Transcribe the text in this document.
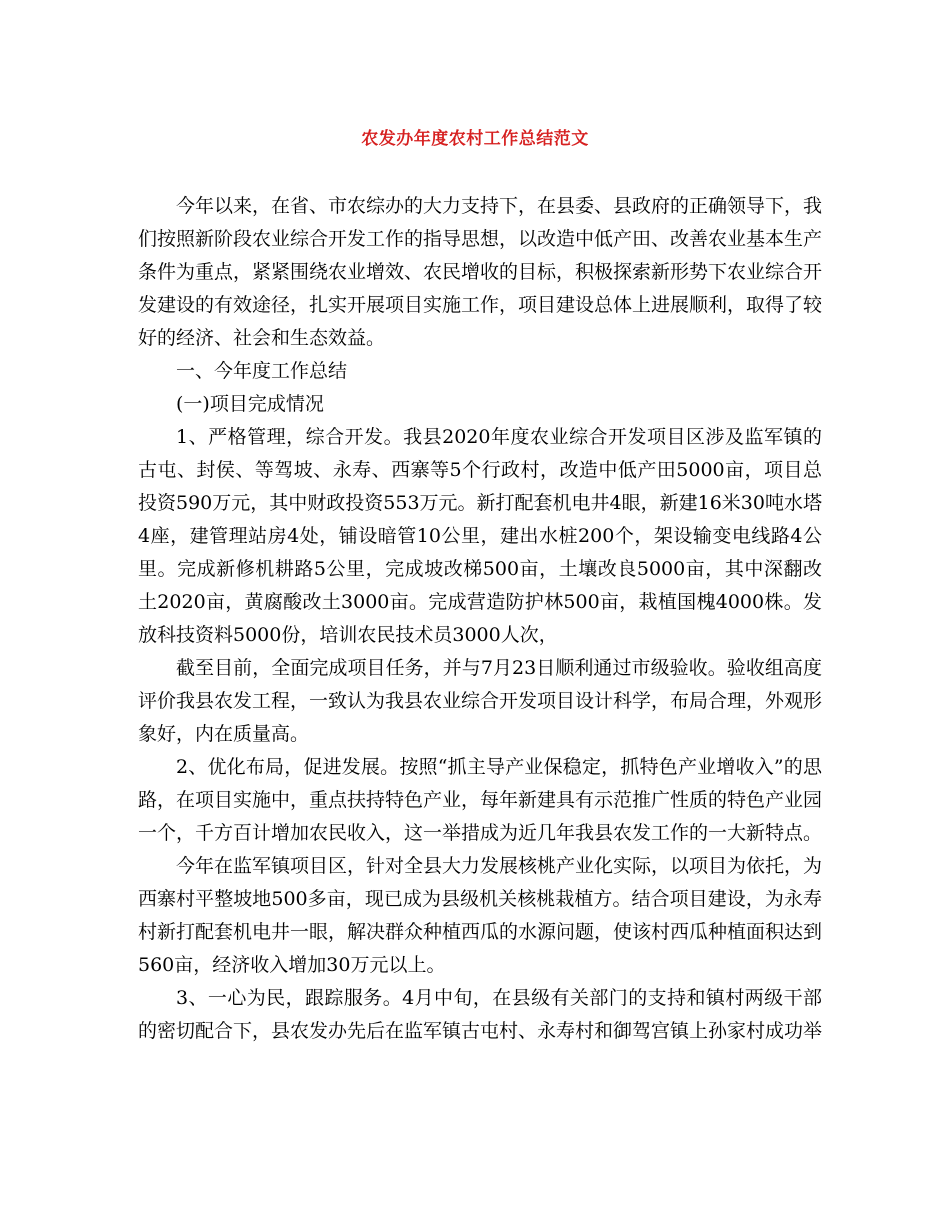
农发办年度农村工作总结范文

今年以来，在省、市农综办的大力支持下，在县委、县政府的正确领导下，我们按照新阶段农业综合开发工作的指导思想，以改造中低产田、改善农业基本生产条件为重点，紧紧围绕农业增效、农民增收的目标，积极探索新形势下农业综合开发建设的有效途径，扎实开展项目实施工作，项目建设总体上进展顺利，取得了较好的经济、社会和生态效益。

一、今年度工作总结

(一)项目完成情况

1、严格管理，综合开发。我县2020年度农业综合开发项目区涉及监军镇的古屯、封侯、等驾坡、永寿、西寨等5个行政村，改造中低产田5000亩，项目总投资590万元，其中财政投资553万元。新打配套机电井4眼，新建16米30吨水塔4座，建管理站房4处，铺设暗管10公里，建出水桩200个，架设输变电线路4公里。完成新修机耕路5公里，完成坡改梯500亩，土壤改良5000亩，其中深翻改土2020亩，黄腐酸改土3000亩。完成营造防护林500亩，栽植国槐4000株。发放科技资料5000份，培训农民技术员3000人次，

截至目前，全面完成项目任务，并与7月23日顺利通过市级验收。验收组高度评价我县农发工程，一致认为我县农业综合开发项目设计科学，布局合理，外观形象好，内在质量高。

2、优化布局，促进发展。按照“抓主导产业保稳定，抓特色产业增收入”的思路，在项目实施中，重点扶持特色产业，每年新建具有示范推广性质的特色产业园一个，千方百计增加农民收入，这一举措成为近几年我县农发工作的一大新特点。

今年在监军镇项目区，针对全县大力发展核桃产业化实际，以项目为依托，为西寨村平整坡地500多亩，现已成为县级机关核桃栽植方。结合项目建设，为永寿村新打配套机电井一眼，解决群众种植西瓜的水源问题，使该村西瓜种植面积达到560亩，经济收入增加30万元以上。

3、一心为民，跟踪服务。4月中旬，在县级有关部门的支持和镇村两级干部的密切配合下，县农发办先后在监军镇古屯村、永寿村和御驾宫镇上孙家村成功举
